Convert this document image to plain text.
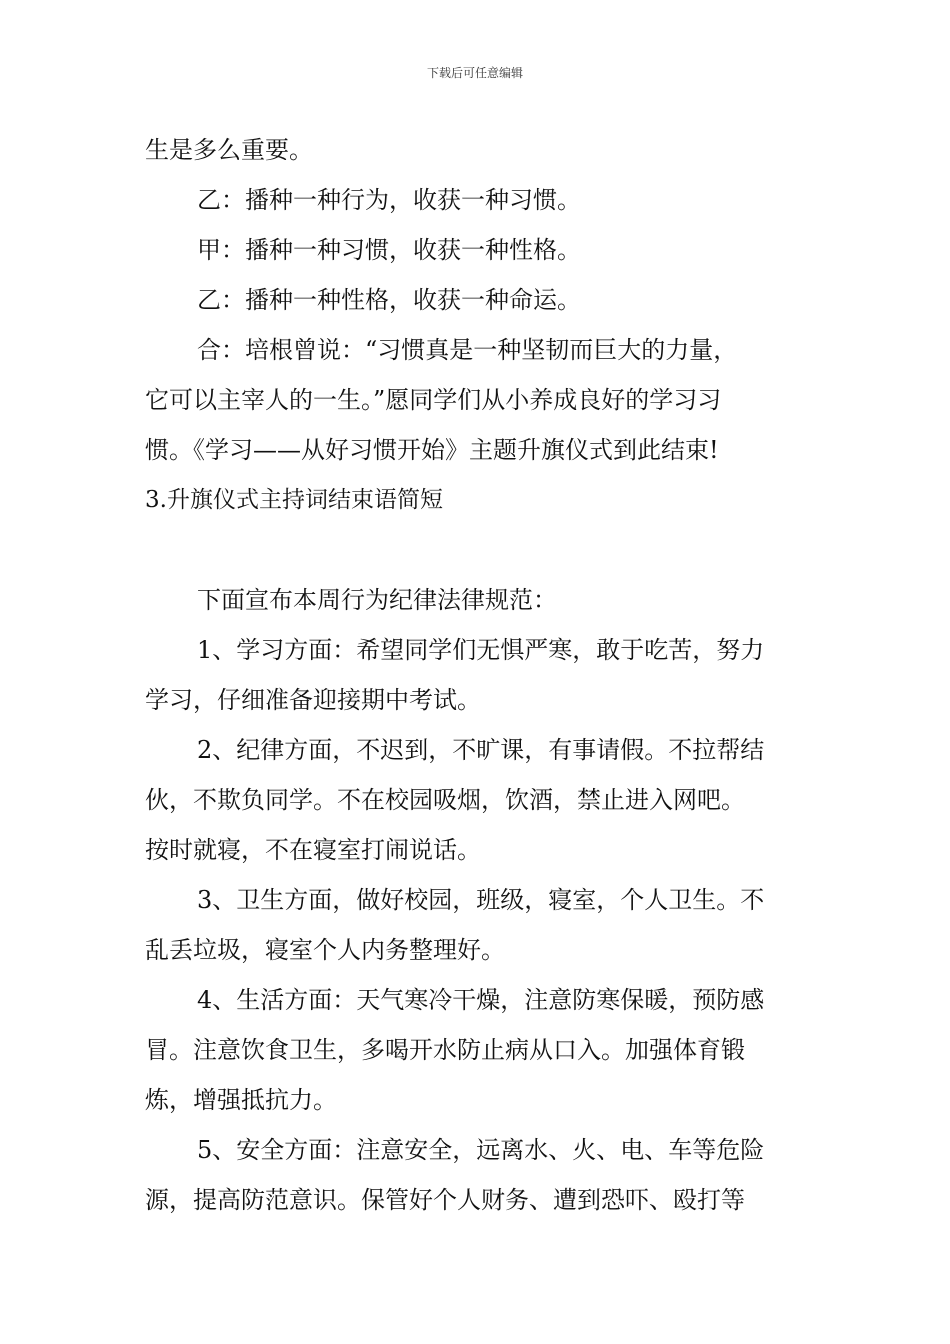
下载后可任意编辑
生是多么重要。
乙：播种一种行为，收获一种习惯。
甲：播种一种习惯，收获一种性格。
乙：播种一种性格，收获一种命运。
合：培根曾说：“习惯真是一种坚韧而巨大的力量，
它可以主宰人的一生。”愿同学们从小养成良好的学习习
惯。《学习——从好习惯开始》主题升旗仪式到此结束!
3.升旗仪式主持词结束语简短
下面宣布本周行为纪律法律规范：
1、学习方面：希望同学们无惧严寒，敢于吃苦，努力
学习，仔细准备迎接期中考试。
2、纪律方面，不迟到，不旷课，有事请假。不拉帮结
伙，不欺负同学。不在校园吸烟，饮酒，禁止进入网吧。
按时就寝，不在寝室打闹说话。
3、卫生方面，做好校园，班级，寝室，个人卫生。不
乱丢垃圾，寝室个人内务整理好。
4、生活方面：天气寒冷干燥，注意防寒保暖，预防感
冒。注意饮食卫生，多喝开水防止病从口入。加强体育锻
炼，增强抵抗力。
5、安全方面：注意安全，远离水、火、电、车等危险
源，提高防范意识。保管好个人财务、遭到恐吓、殴打等
